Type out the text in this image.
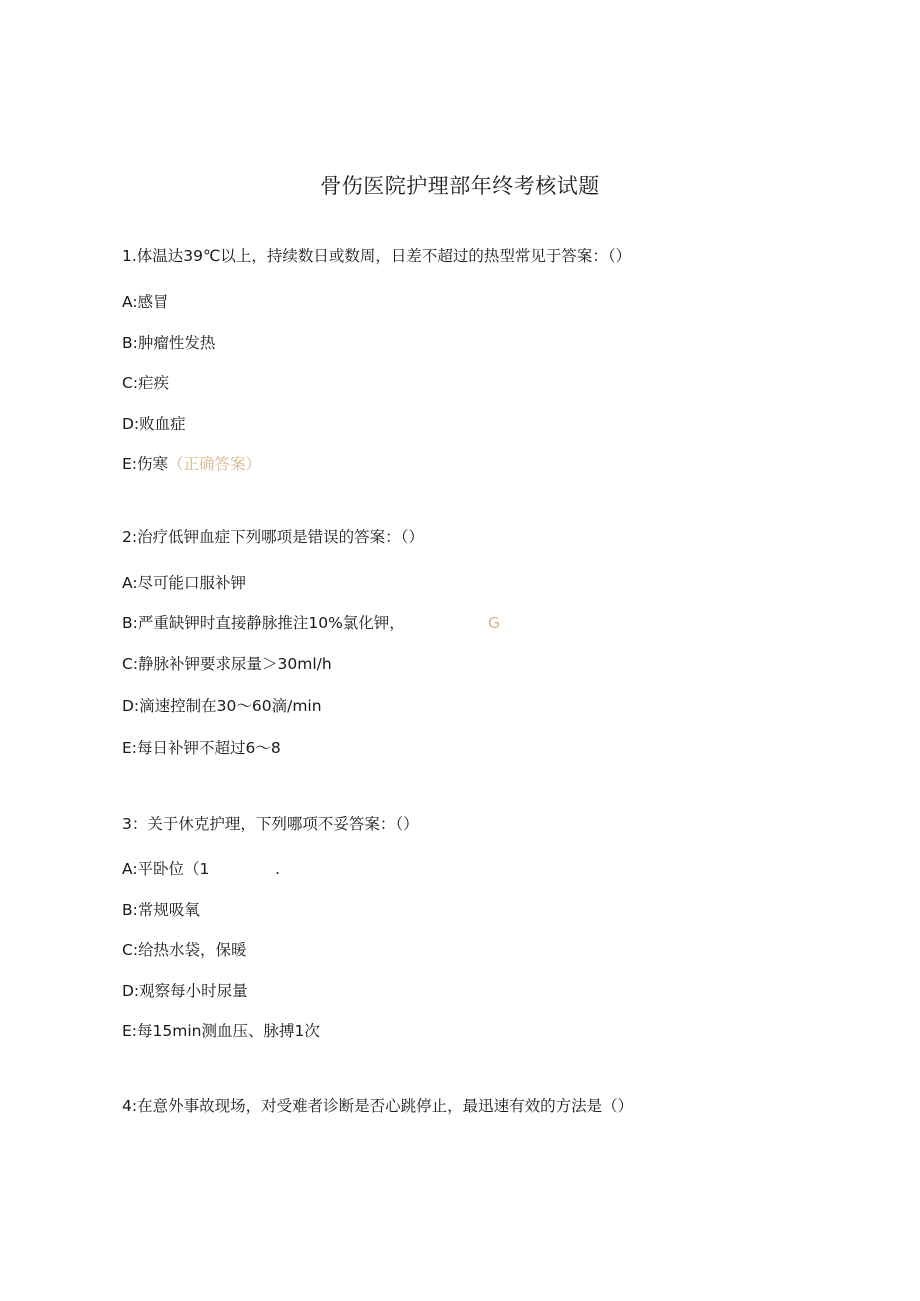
骨伤医院护理部年终考核试题
1.体温达39℃以上，持续数日或数周，日差不超过的热型常见于答案：（）
A:感冒
B:肿瘤性发热
C:疟疾
D:败血症
E:伤寒（正确答案）
2:治疗低钾血症下列哪项是错误的答案：（）
A:尽可能口服补钾
B:严重缺钾时直接静脉推注10%氯化钾，	G
C:静脉补钾要求尿量＞30ml/h
D:滴速控制在30～60滴/min
E:每日补钾不超过6～8
3：关于休克护理，下列哪项不妥答案：（）
A:平卧位（1	.
B:常规吸氧
C:给热水袋，保暖
D:观察每小时尿量
E:每15min测血压、脉搏1次
4:在意外事故现场，对受难者诊断是否心跳停止，最迅速有效的方法是（）
